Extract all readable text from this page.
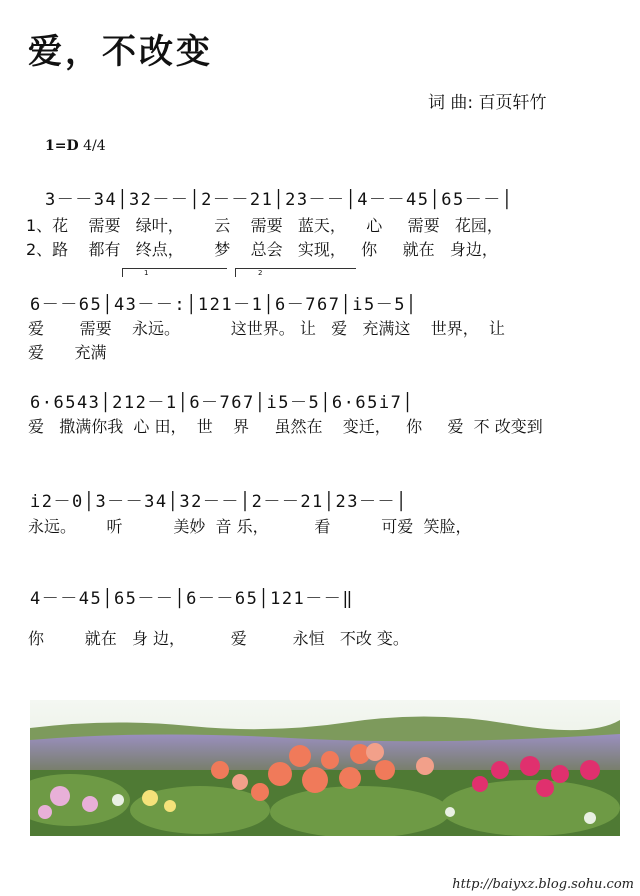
爱，不改变
词 曲: 百页轩竹
1=D 4/4
3－－34│32－－│2－－21│23－－│4－－45│65－－│
1、花    需要   绿叶，      云    需要   蓝天，    心     需要   花园，
2、路    都有   终点，      梦    总会   实现，   你     就在   身边，
1	2
6－－65│43－－:│121－1│6－767│i5－5│
爱       需要    永远。          这世界。 让   爱   充满这    世界，  让
爱      充满
6·6543│212－1│6－767│i5－5│6·65i7│
爱   撒满你我  心 田，  世    界     虽然在    变迁，   你     爱  不 改变到
i2－0│3－－34│32－－│2－－21│23－－│
永远。      听          美妙  音 乐，         看          可爱  笑脸，
4－－45│65－－│6－－65│121－－‖
你        就在   身 边，         爱         永恒   不改 变。
http://baiyxz.blog.sohu.com
